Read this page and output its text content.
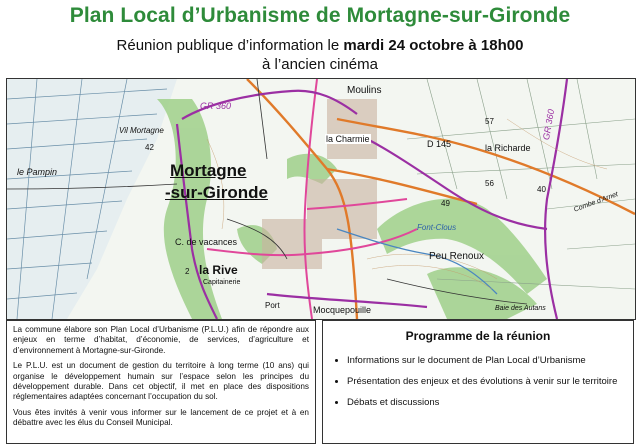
Plan Local d’Urbanisme de Mortagne-sur-Gironde
Réunion publique d’information le mardi 24 octobre à 18h00
à l’ancien cinéma
Vil Mortagne
42
Mortagne
-sur-Gironde
le Pampin
C. de vacances
2 la Rive
Capitainerie
Moulins
la Charmie	D 145	la Richarde
GR 360
GR 360
57
56
40
49
Font-Clous
Peu Renoux
Combe d'Arnet
Port	Mocquepouille	Baie des Autans

La commune élabore son Plan Local d’Urbanisme (P.L.U.) afin de répondre aux enjeux en terme d’habitat, d’économie, de services, d’agriculture et d’environnement à Mortagne-sur-Gironde.

Le P.L.U. est un document de gestion du territoire à long terme (10 ans) qui organise le développement humain sur l’espace selon les principes du développement durable. Dans cet objectif, il met en place des dispositions réglementaires adaptées concernant l’occupation du sol.

Vous êtes invités à venir vous informer sur le lancement de ce projet et à en débattre avec les élus du Conseil Municipal.

Programme de la réunion
• Informations sur le document de Plan Local d’Urbanisme
• Présentation des enjeux et des évolutions à venir sur le territoire
• Débats et discussions
